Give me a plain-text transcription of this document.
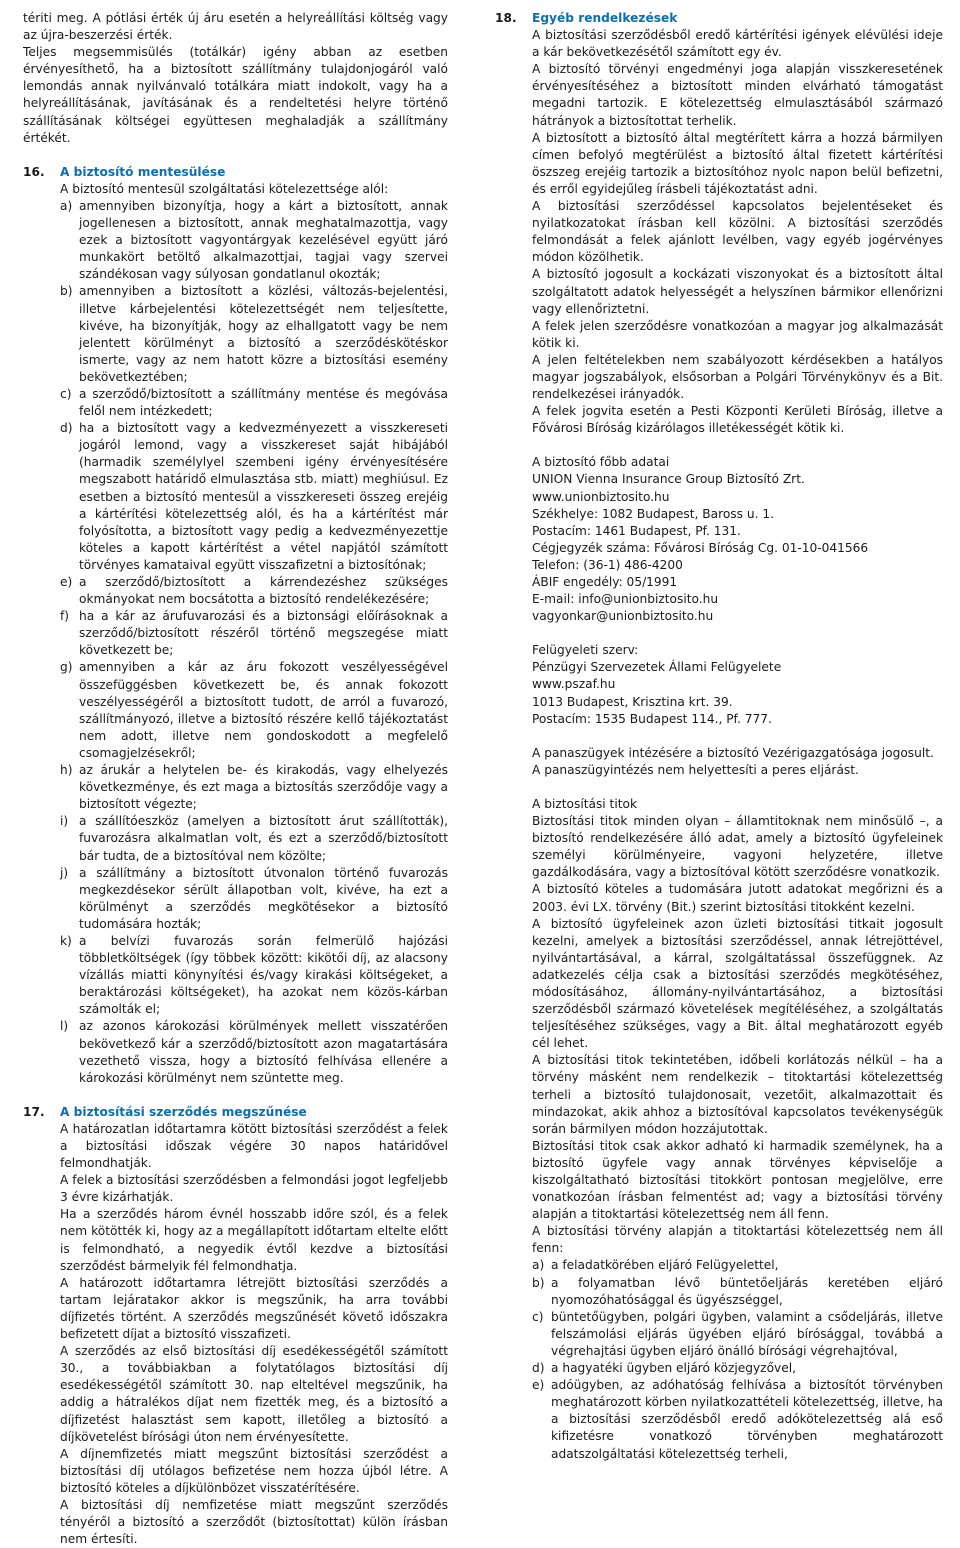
tériti meg. A pótlási érték új áru esetén a helyreállítási költség vagy az újra-beszerzési érték.

Teljes megsemmisülés (totálkár) igény abban az esetben érvényesíthető, ha a biztosított szállítmány tulajdonjogáról való lemondás annak nyilvánvaló totálkára miatt indokolt, vagy ha a helyreállításának, javításának és a rendeltetési helyre történő szállításának költségei együttesen meghaladják a szállítmány értékét.

16. A biztosító mentesülése

A biztosító mentesül szolgáltatási kötelezettsége alól:

a) amennyiben bizonyítja, hogy a kárt a biztosított, annak jogellenesen a biztosított, annak meghatalmazottja, vagy ezek a biztosított vagyontárgyak kezelésével együtt járó munkakört betöltő alkalmazottjai, tagjai vagy szervei szándékosan vagy súlyosan gondatlanul okozták;
b) amennyiben a biztosított a közlési, változás-bejelentési, illetve kárbejelentési kötelezettségét nem teljesítette, kivéve, ha bizonyítják, hogy az elhallgatott vagy be nem jelentett körülményt a biztosító a szerződéskötéskor ismerte, vagy az nem hatott közre a biztosítási esemény bekövetkeztében;
c) a szerződő/biztosított a szállítmány mentése és megóvása felől nem intézkedett;
d) ha a biztosított vagy a kedvezményezett a visszkereseti jogáról lemond, vagy a visszkereset saját hibájából (harmadik személylyel szembeni igény érvényesítésére megszabott határidő elmulasztása stb. miatt) meghiúsul. Ez esetben a biztosító mentesül a visszkereseti összeg erejéig a kártérítési kötelezettség alól, és ha a kártérítést már folyósította, a biztosított vagy pedig a kedvezményezettje köteles a kapott kártérítést a vétel napjától számított törvényes kamataival együtt visszafizetni a biztosítónak;
e) a szerződő/biztosított a kárrendezéshez szükséges okmányokat nem bocsátotta a biztosító rendelékezésére;
f) ha a kár az árufuvarozási és a biztonsági előírásoknak a szerződő/biztosított részéről történő megszegése miatt következett be;
g) amennyiben a kár az áru fokozott veszélyességével összefüggésben következett be, és annak fokozott veszélyességéről a biztosított tudott, de arról a fuvarozó, szállítmányozó, illetve a biztosító részére kellő tájékoztatást nem adott, illetve nem gondoskodott a megfelelő csomagjelzésekről;
h) az árukár a helytelen be- és kirakodás, vagy elhelyezés következménye, és ezt maga a biztosítás szerződője vagy a biztosított végezte;
i) a szállítóeszköz (amelyen a biztosított árut szállították), fuvarozásra alkalmatlan volt, és ezt a szerződő/biztosított bár tudta, de a biztosítóval nem közölte;
j) a szállítmány a biztosított útvonalon történő fuvarozás megkezdésekor sérült állapotban volt, kivéve, ha ezt a körülményt a szerződés megkötésekor a biztosító tudomására hozták;
k) a belvízi fuvarozás során felmerülő hajózási többletköltségek (így többek között: kikötői díj, az alacsony vízállás miatti könynyítési és/vagy kirakási költségeket, a beraktározási költségeket), ha azokat nem közös-kárban számolták el;
l) az azonos károkozási körülmények mellett visszatérően bekövetkező kár a szerződő/biztosított azon magatartására vezethető vissza, hogy a biztosító felhívása ellenére a károkozási körülményt nem szüntette meg.
17. A biztosítási szerződés megszűnése

A határozatlan időtartamra kötött biztosítási szerződést a felek a biztosítási időszak végére 30 napos határidővel felmondhatják.

A felek a biztosítási szerződésben a felmondási jogot legfeljebb 3 évre kizárhatják.

Ha a szerződés három évnél hosszabb időre szól, és a felek nem kötötték ki, hogy az a megállapított időtartam eltelte előtt is felmondható, a negyedik évtől kezdve a biztosítási szerződést bármelyik fél felmondhatja.

A határozott időtartamra létrejött biztosítási szerződés a tartam lejáratakor akkor is megszűnik, ha arra további díjfizetés történt. A szerződés megszűnését követő időszakra befizetett díjat a biztosító visszafizeti.

A szerződés az első biztosítási díj esedékességétől számított 30., a továbbiakban a folytatólagos biztosítási díj esedékességétől számított 30. nap elteltével megszűnik, ha addig a hátralékos díjat nem fizették meg, és a biztosító a díjfizetést halasztást sem kapott, illetőleg a biztosító a díjkövetelést bírósági úton nem érvényesítette.

A díjnemfizetés miatt megszűnt biztosítási szerződést a biztosítási díj utólagos befizetése nem hozza újból létre. A biztosító köteles a díjkülönbözet visszatérítésére.

A biztosítási díj nemfizetése miatt megszűnt szerződés tényéről a biztosító a szerződőt (biztosítottat) külön írásban nem értesíti.

18. Egyéb rendelkezések

A biztosítási szerződésből eredő kártérítési igények elévülési ideje a kár bekövetkezésétől számított egy év.

A biztosító törvényi engedményi joga alapján visszkeresetének érvényesítéséhez a biztosított minden elvárható támogatást megadni tartozik. E kötelezettség elmulasztásából származó hátrányok a biztosítottat terhelik.

A biztosított a biztosító által megtérített kárra a hozzá bármilyen címen befolyó megtérülést a biztosító által fizetett kártérítési öszszeg erejéig tartozik a biztosítóhoz nyolc napon belül befizetni, és erről egyidejűleg írásbeli tájékoztatást adni.

A biztosítási szerződéssel kapcsolatos bejelentéseket és nyilatkozatokat írásban kell közölni. A biztosítási szerződés felmondását a felek ajánlott levélben, vagy egyéb jogérvényes módon közölhetik.

A biztosító jogosult a kockázati viszonyokat és a biztosított által szolgáltatott adatok helyességét a helyszínen bármikor ellenőrizni vagy ellenőriztetni.

A felek jelen szerződésre vonatkozóan a magyar jog alkalmazását kötik ki.

A jelen feltételekben nem szabályozott kérdésekben a hatályos magyar jogszabályok, elsősorban a Polgári Törvénykönyv és a Bit. rendelkezései irányadók.

A felek jogvita esetén a Pesti Központi Kerületi Bíróság, illetve a Fővárosi Bíróság kizárólagos illetékességét kötik ki.

A biztosító főbb adatai

UNION Vienna Insurance Group Biztosító Zrt.

www.unionbiztosito.hu

Székhelye: 1082 Budapest, Baross u. 1.

Postacím: 1461 Budapest, Pf. 131.

Cégjegyzék száma: Fővárosi Bíróság Cg. 01-10-041566

Telefon: (36-1) 486-4200

ÁBIF engedély: 05/1991

E-mail: info@unionbiztosito.hu

vagyonkar@unionbiztosito.hu

Felügyeleti szerv:

Pénzügyi Szervezetek Állami Felügyelete

www.pszaf.hu

1013 Budapest, Krisztina krt. 39.

Postacím: 1535 Budapest 114., Pf. 777.

A panaszügyek intézésére a biztosító Vezérigazgatósága jogosult.

A panaszügyintézés nem helyettesíti a peres eljárást.

A biztosítási titok

Biztosítási titok minden olyan – államtitoknak nem minősülő –, a biztosító rendelkezésére álló adat, amely a biztosító ügyfeleinek személyi körülményeire, vagyoni helyzetére, illetve gazdálkodására, vagy a biztosítóval kötött szerződésre vonatkozik.

A biztosító köteles a tudomására jutott adatokat megőrizni és a 2003. évi LX. törvény (Bit.) szerint biztosítási titokként kezelni.

A biztosító ügyfeleinek azon üzleti biztosítási titkait jogosult kezelni, amelyek a biztosítási szerződéssel, annak létrejöttével, nyilvántartásával, a kárral, szolgáltatással összefüggnek. Az adatkezelés célja csak a biztosítási szerződés megkötéséhez, módosításához, állomány-nyilvántartásához, a biztosítási szerződésből származó követelések megítéléséhez, a szolgáltatás teljesítéséhez szükséges, vagy a Bit. által meghatározott egyéb cél lehet.

A biztosítási titok tekintetében, időbeli korlátozás nélkül – ha a törvény másként nem rendelkezik – titoktartási kötelezettség terheli a biztosító tulajdonosait, vezetőit, alkalmazottait és mindazokat, akik ahhoz a biztosítóval kapcsolatos tevékenységük során bármilyen módon hozzájutottak.

Biztosítási titok csak akkor adható ki harmadik személynek, ha a biztosító ügyfele vagy annak törvényes képviselője a kiszolgáltatható biztosítási titokkört pontosan megjelölve, erre vonatkozóan írásban felmentést ad; vagy a biztosítási törvény alapján a titoktartási kötelezettség nem áll fenn.

A biztosítási törvény alapján a titoktartási kötelezettség nem áll fenn:

a) a feladatkörében eljáró Felügyelettel,
b) a folyamatban lévő büntetőeljárás keretében eljáró nyomozóhatósággal és ügyészséggel,
c) büntetőügyben, polgári ügyben, valamint a csődeljárás, illetve felszámolási eljárás ügyében eljáró bírósággal, továbbá a végrehajtási ügyben eljáró önálló bírósági végrehajtóval,
d) a hagyatéki ügyben eljáró közjegyzővel,
e) adóügyben, az adóhatóság felhívása a biztosítót törvényben meghatározott körben nyilatkozattételi kötelezettség, illetve, ha a biztosítási szerződésből eredő adókötelezettség alá eső kifizetésre vonatkozó törvényben meghatározott adatszolgáltatási kötelezettség terheli,
